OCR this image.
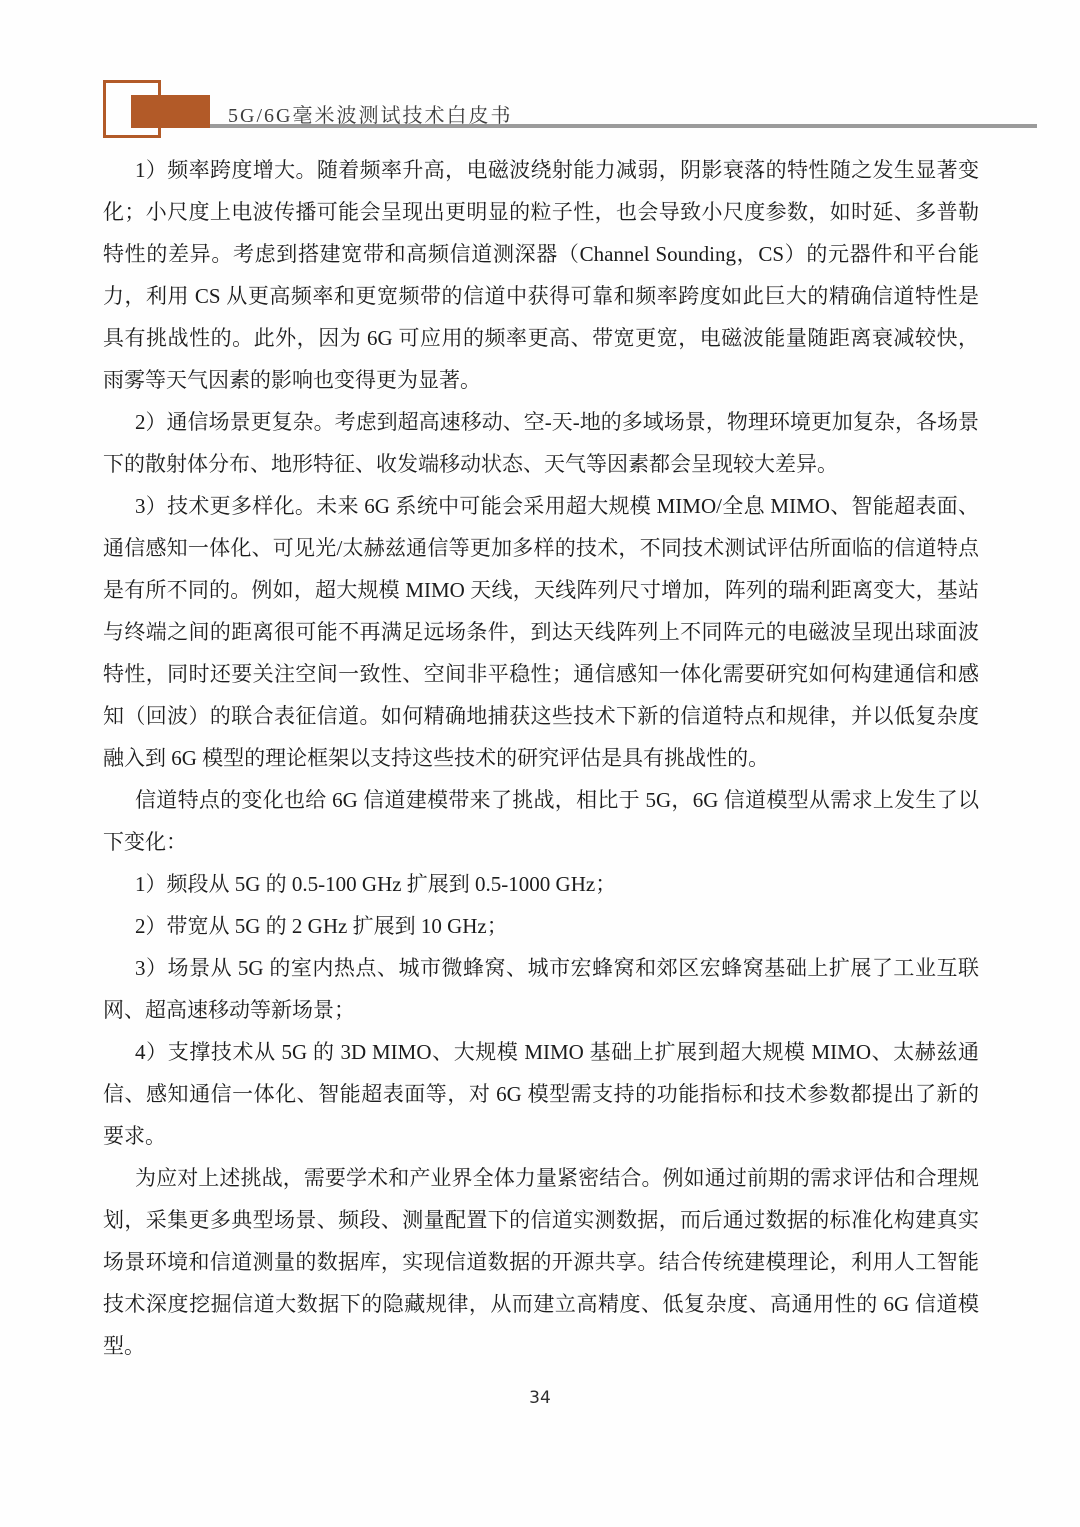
5G/6G毫米波测试技术白皮书

1）频率跨度增大。随着频率升高，电磁波绕射能力减弱，阴影衰落的特性随之发生显著变化；小尺度上电波传播可能会呈现出更明显的粒子性，也会导致小尺度参数，如时延、多普勒特性的差异。考虑到搭建宽带和高频信道测深器（Channel Sounding，CS）的元器件和平台能力，利用 CS 从更高频率和更宽频带的信道中获得可靠和频率跨度如此巨大的精确信道特性是具有挑战性的。此外，因为 6G 可应用的频率更高、带宽更宽，电磁波能量随距离衰减较快，雨雾等天气因素的影响也变得更为显著。

2）通信场景更复杂。考虑到超高速移动、空-天-地的多域场景，物理环境更加复杂，各场景下的散射体分布、地形特征、收发端移动状态、天气等因素都会呈现较大差异。

3）技术更多样化。未来 6G 系统中可能会采用超大规模 MIMO/全息 MIMO、智能超表面、通信感知一体化、可见光/太赫兹通信等更加多样的技术，不同技术测试评估所面临的信道特点是有所不同的。例如，超大规模 MIMO 天线，天线阵列尺寸增加，阵列的瑞利距离变大，基站与终端之间的距离很可能不再满足远场条件，到达天线阵列上不同阵元的电磁波呈现出球面波特性，同时还要关注空间一致性、空间非平稳性；通信感知一体化需要研究如何构建通信和感知（回波）的联合表征信道。如何精确地捕获这些技术下新的信道特点和规律，并以低复杂度融入到 6G 模型的理论框架以支持这些技术的研究评估是具有挑战性的。

信道特点的变化也给 6G 信道建模带来了挑战，相比于 5G，6G 信道模型从需求上发生了以下变化：

1）频段从 5G 的 0.5-100 GHz 扩展到 0.5-1000 GHz；

2）带宽从 5G 的 2 GHz 扩展到 10 GHz；

3）场景从 5G 的室内热点、城市微蜂窝、城市宏蜂窝和郊区宏蜂窝基础上扩展了工业互联网、超高速移动等新场景；

4）支撑技术从 5G 的 3D MIMO、大规模 MIMO 基础上扩展到超大规模 MIMO、太赫兹通信、感知通信一体化、智能超表面等，对 6G 模型需支持的功能指标和技术参数都提出了新的要求。

为应对上述挑战，需要学术和产业界全体力量紧密结合。例如通过前期的需求评估和合理规划，采集更多典型场景、频段、测量配置下的信道实测数据，而后通过数据的标准化构建真实场景环境和信道测量的数据库，实现信道数据的开源共享。结合传统建模理论，利用人工智能技术深度挖掘信道大数据下的隐藏规律，从而建立高精度、低复杂度、高通用性的 6G 信道模型。

34
